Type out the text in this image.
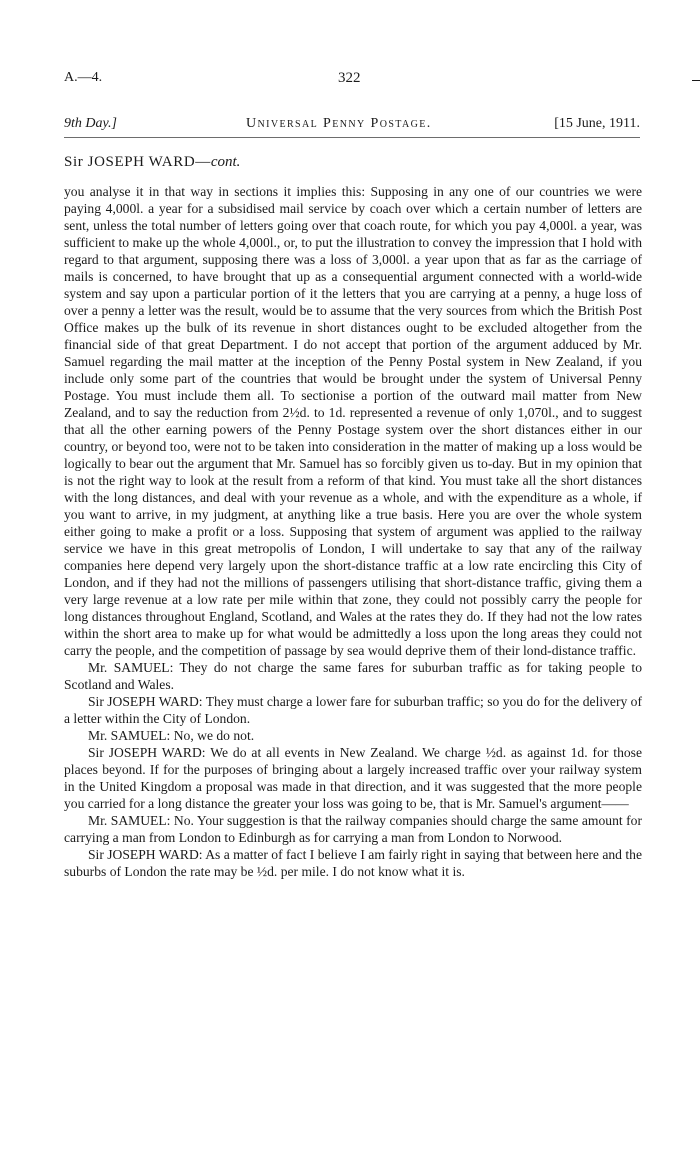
A.—4.	322
9th Day.]	Universal Penny Postage.	[15 June, 1911.
Sir JOSEPH WARD—cont.

you analyse it in that way in sections it implies this: Supposing in any one of our countries we were paying 4,000l. a year for a subsidised mail service by coach over which a certain number of letters are sent, unless the total number of letters going over that coach route, for which you pay 4,000l. a year, was sufficient to make up the whole 4,000l., or, to put the illustration to convey the impression that I hold with regard to that argument, supposing there was a loss of 3,000l. a year upon that as far as the carriage of mails is concerned, to have brought that up as a consequential argument connected with a world-wide system and say upon a particular portion of it the letters that you are carrying at a penny, a huge loss of over a penny a letter was the result, would be to assume that the very sources from which the British Post Office makes up the bulk of its revenue in short distances ought to be excluded altogether from the financial side of that great Department. I do not accept that portion of the argument adduced by Mr. Samuel regarding the mail matter at the inception of the Penny Postal system in New Zealand, if you include only some part of the countries that would be brought under the system of Universal Penny Postage. You must include them all. To sectionise a portion of the outward mail matter from New Zealand, and to say the reduction from 2½d. to 1d. represented a revenue of only 1,070l., and to suggest that all the other earning powers of the Penny Postage system over the short distances either in our country, or beyond too, were not to be taken into consideration in the matter of making up a loss would be logically to bear out the argument that Mr. Samuel has so forcibly given us to-day. But in my opinion that is not the right way to look at the result from a reform of that kind. You must take all the short distances with the long distances, and deal with your revenue as a whole, and with the expenditure as a whole, if you want to arrive, in my judgment, at anything like a true basis. Here you are over the whole system either going to make a profit or a loss. Supposing that system of argument was applied to the railway service we have in this great metropolis of London, I will undertake to say that any of the railway companies here depend very largely upon the short-distance traffic at a low rate encircling this City of London, and if they had not the millions of passengers utilising that short-distance traffic, giving them a very large revenue at a low rate per mile within that zone, they could not possibly carry the people for long distances throughout England, Scotland, and Wales at the rates they do. If they had not the low rates within the short area to make up for what would be admittedly a loss upon the long areas they could not carry the people, and the competition of passage by sea would deprive them of their lond-distance traffic.

Mr. SAMUEL: They do not charge the same fares for suburban traffic as for taking people to Scotland and Wales.

Sir JOSEPH WARD: They must charge a lower fare for suburban traffic; so you do for the delivery of a letter within the City of London.

Mr. SAMUEL: No, we do not.

Sir JOSEPH WARD: We do at all events in New Zealand. We charge ½d. as against 1d. for those places beyond. If for the purposes of bringing about a largely increased traffic over your railway system in the United Kingdom a proposal was made in that direction, and it was suggested that the more people you carried for a long distance the greater your loss was going to be, that is Mr. Samuel's argument——

Mr. SAMUEL: No. Your suggestion is that the railway companies should charge the same amount for carrying a man from London to Edinburgh as for carrying a man from London to Norwood.

Sir JOSEPH WARD: As a matter of fact I believe I am fairly right in saying that between here and the suburbs of London the rate may be ½d. per mile. I do not know what it is.
